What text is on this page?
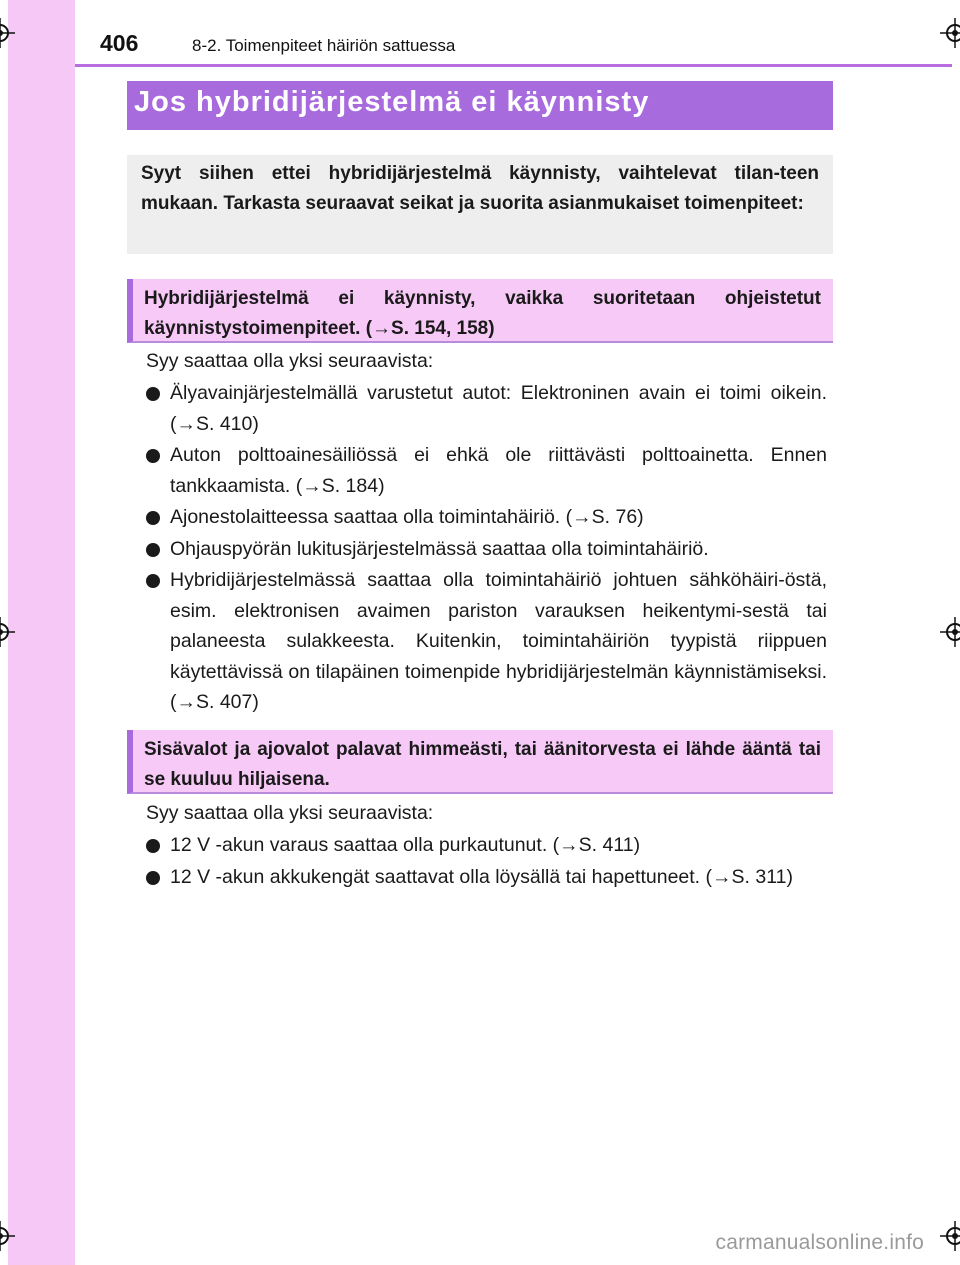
406	8-2. Toimenpiteet häiriön sattuessa
Jos hybridijärjestelmä ei käynnisty

Syyt siihen ettei hybridijärjestelmä käynnisty, vaihtelevat tilan-teen mukaan. Tarkasta seuraavat seikat ja suorita asianmukaiset toimenpiteet:

Hybridijärjestelmä ei käynnisty, vaikka suoritetaan ohjeistetut käynnistystoimenpiteet. (→S. 154, 158)

Syy saattaa olla yksi seuraavista:
Älyavainjärjestelmällä varustetut autot: Elektroninen avain ei toimi oikein. (→S. 410)
Auton polttoainesäiliössä ei ehkä ole riittävästi polttoainetta. Ennen tankkaamista. (→S. 184)
Ajonestolaitteessa saattaa olla toimintahäiriö. (→S. 76)
Ohjauspyörän lukitusjärjestelmässä saattaa olla toimintahäiriö.
Hybridijärjestelmässä saattaa olla toimintahäiriö johtuen sähköhäiri-östä, esim. elektronisen avaimen pariston varauksen heikentymi-sestä tai palaneesta sulakkeesta. Kuitenkin, toimintahäiriön tyypistä riippuen käytettävissä on tilapäinen toimenpide hybridijärjestelmän käynnistämiseksi. (→S. 407)

Sisävalot ja ajovalot palavat himmeästi, tai äänitorvesta ei lähde ääntä tai se kuuluu hiljaisena.

Syy saattaa olla yksi seuraavista:
12 V -akun varaus saattaa olla purkautunut. (→S. 411)
12 V -akun akkukengät saattavat olla löysällä tai hapettuneet. (→S. 311)
carmanualsonline.info
